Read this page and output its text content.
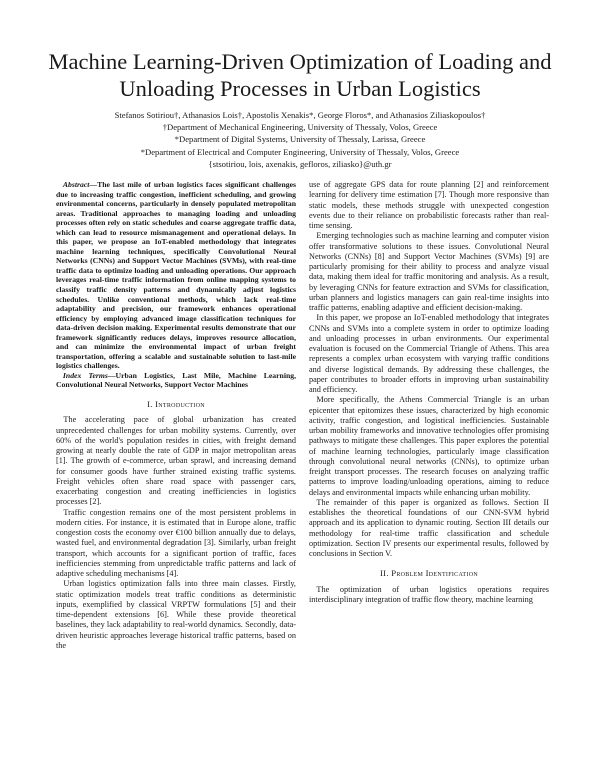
Machine Learning-Driven Optimization of Loading and Unloading Processes in Urban Logistics
Stefanos Sotiriou†, Athanasios Lois†, Apostolis Xenakis*, George Floros*, and Athanasios Ziliaskopoulos†
†Department of Mechanical Engineering, University of Thessaly, Volos, Greece
*Department of Digital Systems, University of Thessaly, Larissa, Greece
*Department of Electrical and Computer Engineering, University of Thessaly, Volos, Greece
{stsotiriou, lois, axenakis, gefloros, ziliasko}@uth.gr

Abstract—The last mile of urban logistics faces significant challenges due to increasing traffic congestion, inefficient scheduling, and growing environmental concerns, particularly in densely populated metropolitan areas. Traditional approaches to managing loading and unloading processes often rely on static schedules and coarse aggregate traffic data, which can lead to resource mismanagement and operational delays. In this paper, we propose an IoT-enabled methodology that integrates machine learning techniques, specifically Convolutional Neural Networks (CNNs) and Support Vector Machines (SVMs), with real-time traffic data to optimize loading and unloading operations. Our approach leverages real-time traffic information from online mapping systems to classify traffic density patterns and dynamically adjust logistics schedules. Unlike conventional methods, which lack real-time adaptability and precision, our framework enhances operational efficiency by employing advanced image classification techniques for data-driven decision making. Experimental results demonstrate that our framework significantly reduces delays, improves resource allocation, and can minimize the environmental impact of urban freight transportation, offering a scalable and sustainable solution to last-mile logistics challenges.

Index Terms—Urban Logistics, Last Mile, Machine Learning, Convolutional Neural Networks, Support Vector Machines

I. Introduction

The accelerating pace of global urbanization has created unprecedented challenges for urban mobility systems. Currently, over 60% of the world's population resides in cities, with freight demand growing at nearly double the rate of GDP in major metropolitan areas [1]. The growth of e-commerce, urban sprawl, and increasing demand for consumer goods have further strained existing traffic systems. Freight vehicles often share road space with passenger cars, exacerbating congestion and creating inefficiencies in logistics processes [2].

Traffic congestion remains one of the most persistent problems in modern cities. For instance, it is estimated that in Europe alone, traffic congestion costs the economy over €100 billion annually due to delays, wasted fuel, and environmental degradation [3]. Similarly, urban freight transport, which accounts for a significant portion of traffic, faces inefficiencies stemming from unpredictable traffic patterns and lack of adaptive scheduling mechanisms [4].

Urban logistics optimization falls into three main classes. Firstly, static optimization models treat traffic conditions as deterministic inputs, exemplified by classical VRPTW formulations [5] and their time-dependent extensions [6]. While these provide theoretical baselines, they lack adaptability to real-world dynamics. Secondly, data-driven heuristic approaches leverage historical traffic patterns, based on the

use of aggregate GPS data for route planning [2] and reinforcement learning for delivery time estimation [7]. Though more responsive than static models, these methods struggle with unexpected congestion events due to their reliance on probabilistic forecasts rather than real-time sensing.

Emerging technologies such as machine learning and computer vision offer transformative solutions to these issues. Convolutional Neural Networks (CNNs) [8] and Support Vector Machines (SVMs) [9] are particularly promising for their ability to process and analyze visual data, making them ideal for traffic monitoring and analysis. As a result, by leveraging CNNs for feature extraction and SVMs for classification, urban planners and logistics managers can gain real-time insights into traffic patterns, enabling adaptive and efficient decision-making.

In this paper, we propose an IoT-enabled methodology that integrates CNNs and SVMs into a complete system in order to optimize loading and unloading processes in urban environments. Our experimental evaluation is focused on the Commercial Triangle of Athens. This area represents a complex urban ecosystem with varying traffic conditions and diverse logistical demands. By addressing these challenges, the paper contributes to broader efforts in improving urban sustainability and efficiency.

More specifically, the Athens Commercial Triangle is an urban epicenter that epitomizes these issues, characterized by high economic activity, traffic congestion, and logistical inefficiencies. Sustainable urban mobility frameworks and innovative technologies offer promising pathways to mitigate these challenges. This paper explores the potential of machine learning technologies, particularly image classification through convolutional neural networks (CNNs), to optimize urban freight transport processes. The research focuses on analyzing traffic patterns to improve loading/unloading operations, aiming to reduce delays and environmental impacts while enhancing urban mobility.

The remainder of this paper is organized as follows. Section II establishes the theoretical foundations of our CNN-SVM hybrid approach and its application to dynamic routing. Section III details our methodology for real-time traffic classification and schedule optimization. Section IV presents our experimental results, followed by conclusions in Section V.

II. Problem Identification

The optimization of urban logistics operations requires interdisciplinary integration of traffic flow theory, machine learning
